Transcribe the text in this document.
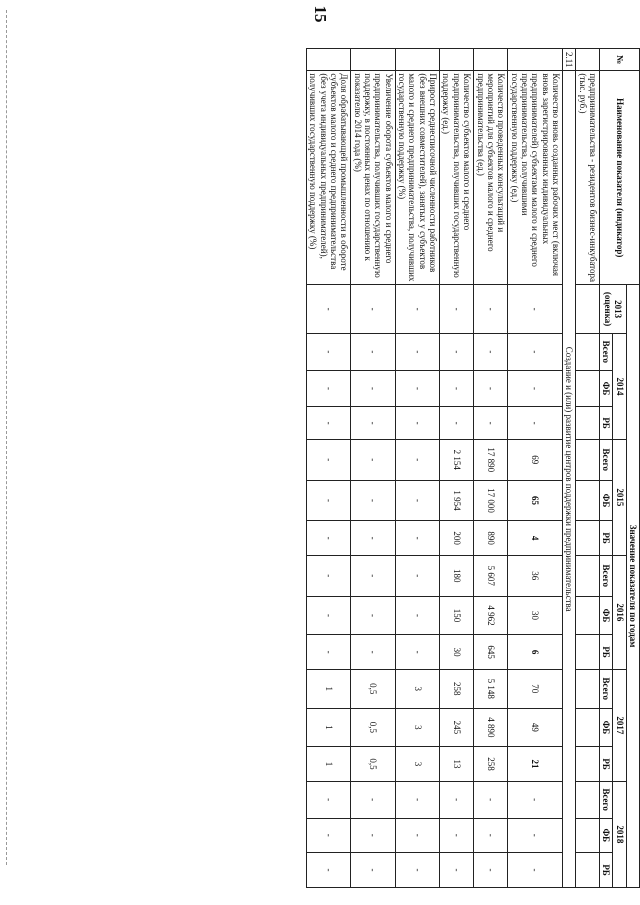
15
№	Наименование показателя (индикатор)	Значение показателя по годам															
		2013
(оценка)	2014			2015			2016			2017			2018		
			Всего	ФБ	РБ	Всего	ФБ	РБ	Всего	ФБ	РБ	Всего	ФБ	РБ	Всего	ФБ	РБ
	предпринимательства - резидентов бизнес-инкубатора (тыс. руб.)																
2.11	Создание и (или) развитие центров поддержки предпринимательства																
	Количество вновь созданных рабочих мест (включая вновь зарегистрированных индивидуальных предпринимателей) субъектами малого и среднего предпринимательства, получившими государственную поддержку (ед.)	-	-	-	-	69	65	4	36	30	6	70	49	21	-	-	-
	Количество проведенных консультаций и мероприятий для субъектов малого и среднего предпринимательства (ед.)	-	-	-	-	17 890	17 000	890	5 607	4 962	645	5 148	4 890	258	-	-	-
	Количество субъектов малого и среднего предпринимательства, получивших государственную поддержку (ед.)	-	-	-	-	2 154	1 954	200	180	150	30	258	245	13	-	-	-
	Прирост среднесписочной численности работников (без внешних совместителей), занятых у субъектов малого и среднего предпринимательства, получивших государственную поддержку (%)	-	-	-	-	-	-	-	-	-	-	3	3	3	-	-	-
	Увеличение оборота субъектов малого и среднего предпринимательства, получивших государственную поддержку, в постоянных ценах по отношению к показателю 2014 года (%)	-	-	-	-	-	-	-	-	-	-	0,5	0,5	0,5	-	-	-
	Доля обрабатывающей промышленности в обороте субъектов малого и среднего предпринимательства (без учета индивидуальных предпринимателей), получивших государственную поддержку (%)	-	-	-	-	-	-	-	-	-	-	1	1	1	-	-	-
